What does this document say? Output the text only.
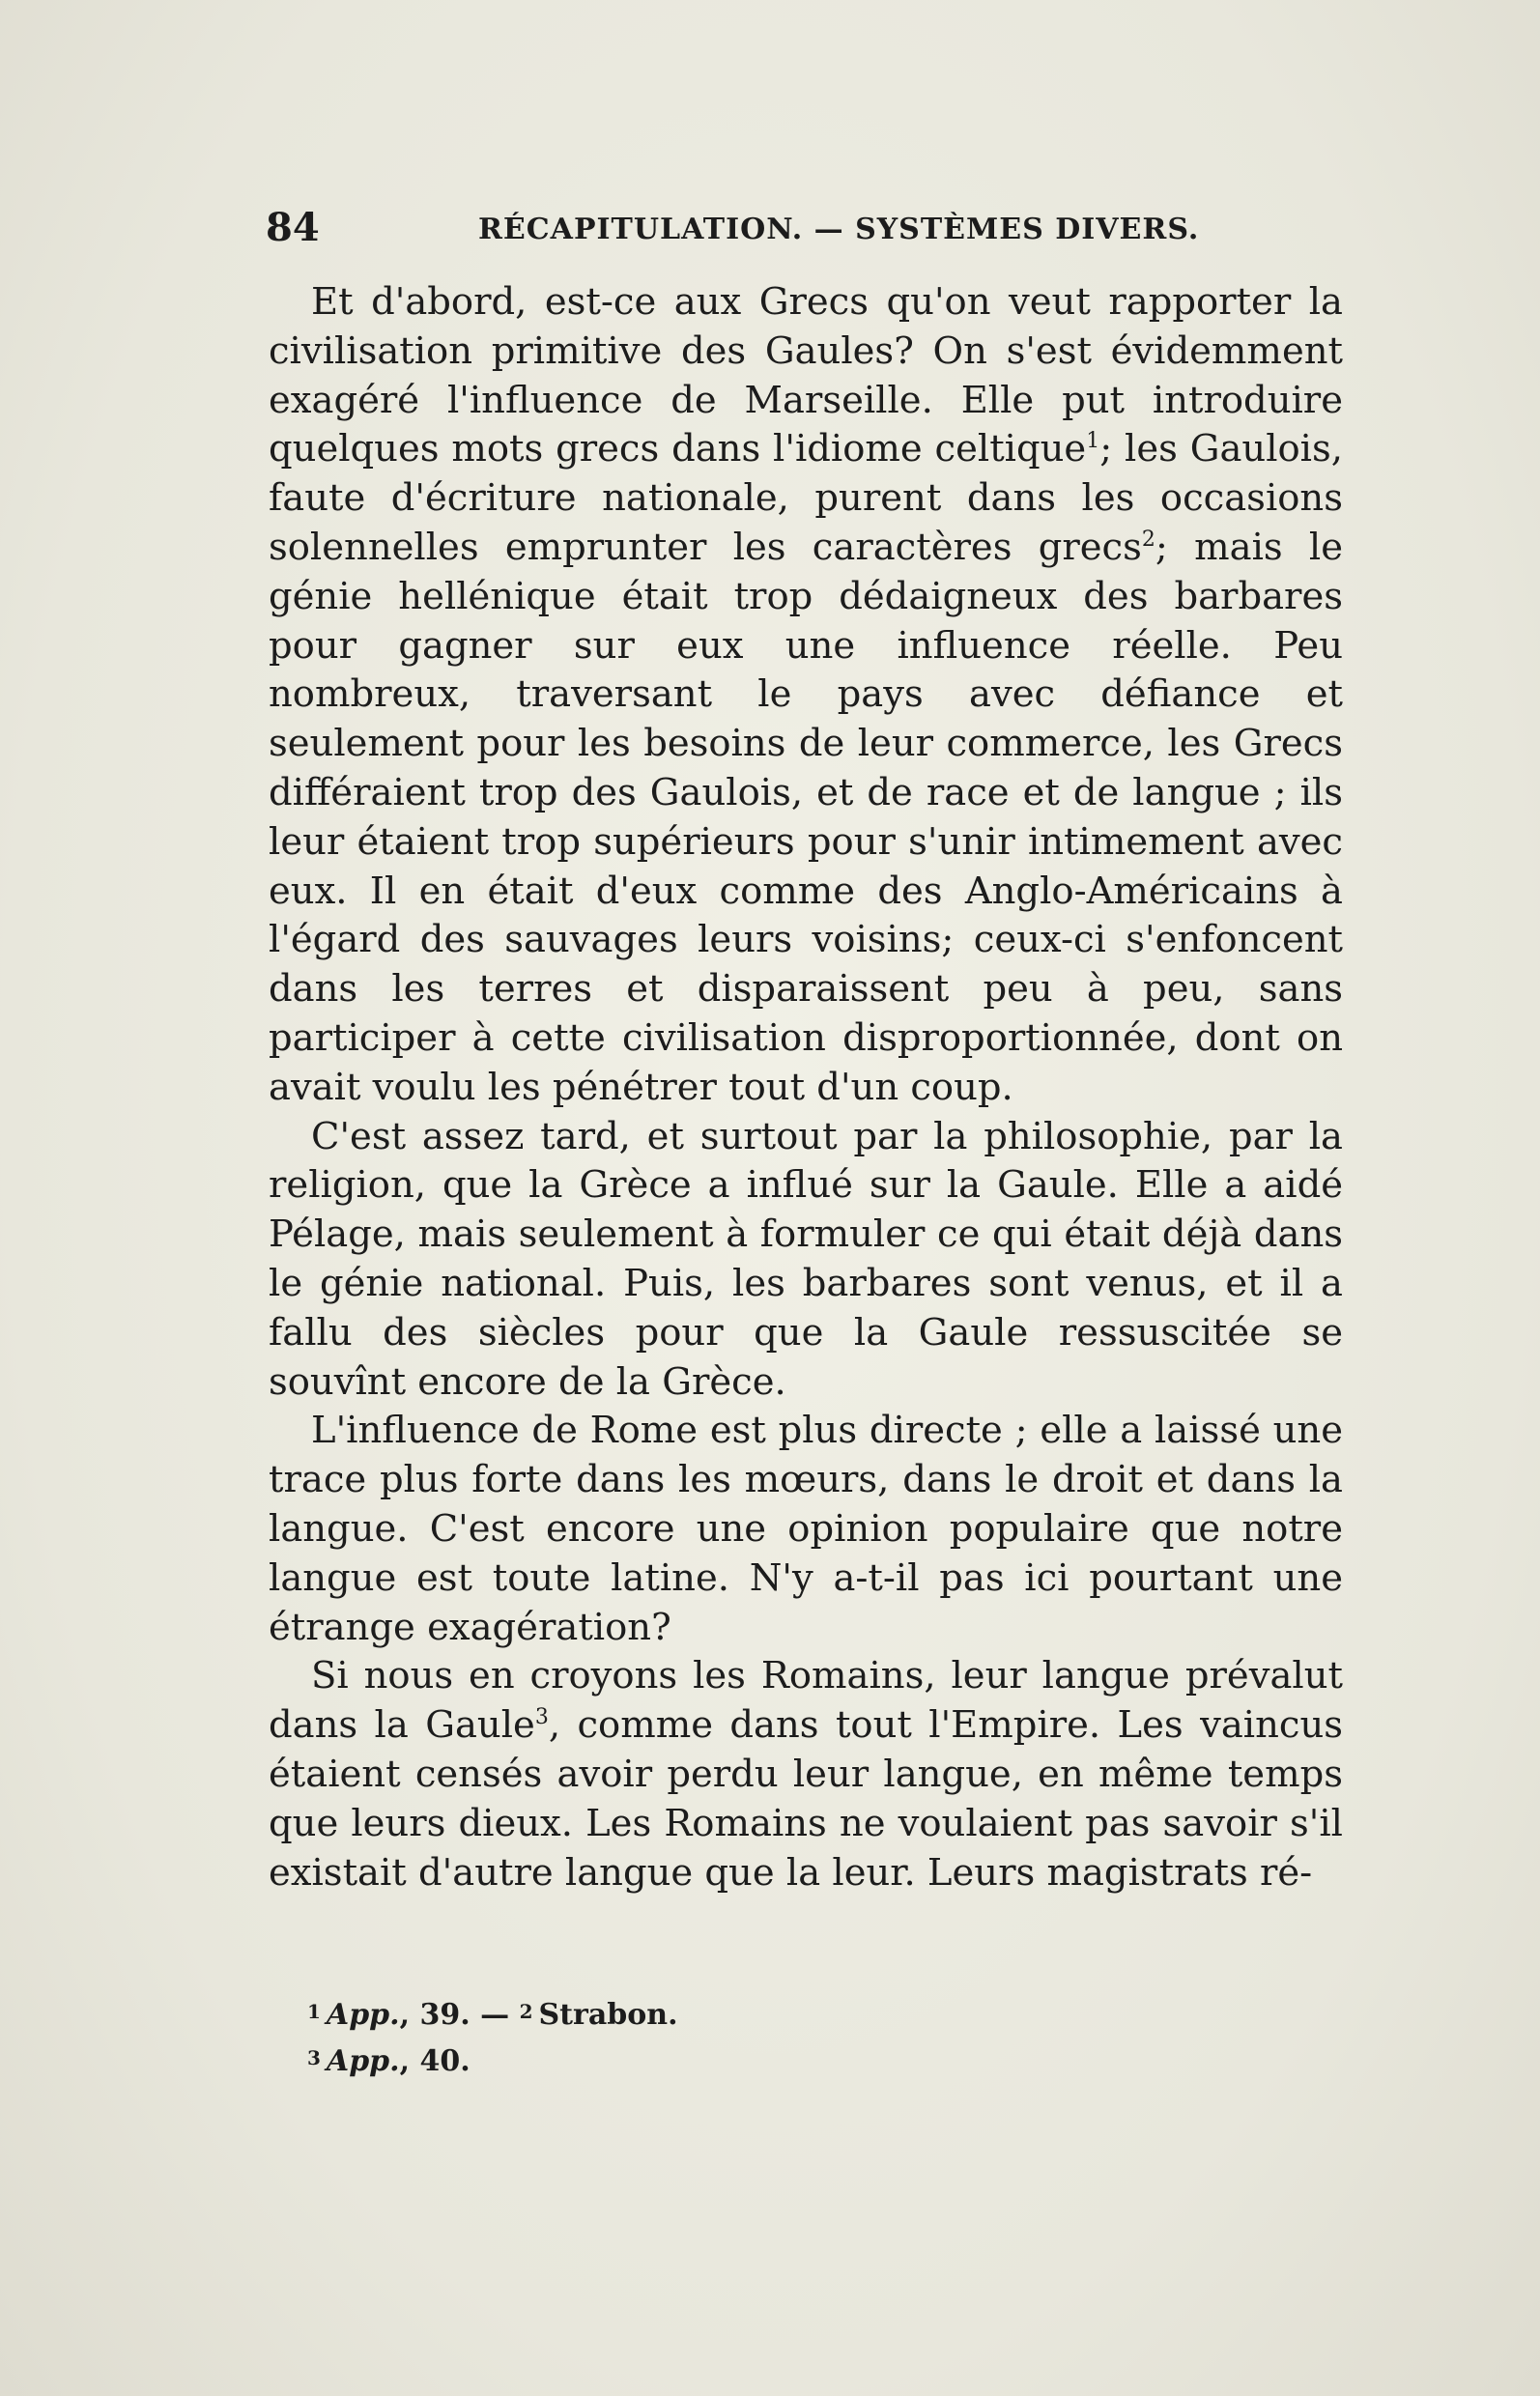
84	RÉCAPITULATION. — SYSTÈMES DIVERS.

Et d'abord, est-ce aux Grecs qu'on veut rapporter la civilisation primitive des Gaules? On s'est évidemment exagéré l'influence de Marseille. Elle put introduire quelques mots grecs dans l'idiome celtique$^1$; les Gaulois, faute d'écriture nationale, purent dans les occasions solennelles emprunter les caractères grecs$^2$; mais le génie hellénique était trop dédaigneux des barbares pour gagner sur eux une influence réelle. Peu nombreux, traversant le pays avec défiance et seulement pour les besoins de leur commerce, les Grecs différaient trop des Gaulois, et de race et de langue ; ils leur étaient trop supérieurs pour s'unir intimement avec eux. Il en était d'eux comme des Anglo-Américains à l'égard des sauvages leurs voisins; ceux-ci s'enfoncent dans les terres et disparaissent peu à peu, sans participer à cette civilisation disproportionnée, dont on avait voulu les pénétrer tout d'un coup.

C'est assez tard, et surtout par la philosophie, par la religion, que la Grèce a influé sur la Gaule. Elle a aidé Pélage, mais seulement à formuler ce qui était déjà dans le génie national. Puis, les barbares sont venus, et il a fallu des siècles pour que la Gaule ressuscitée se souvînt encore de la Grèce.

L'influence de Rome est plus directe ; elle a laissé une trace plus forte dans les mœurs, dans le droit et dans la langue. C'est encore une opinion populaire que notre langue est toute latine. N'y a-t-il pas ici pourtant une étrange exagération?

Si nous en croyons les Romains, leur langue prévalut dans la Gaule$^3$, comme dans tout l'Empire. Les vaincus étaient censés avoir perdu leur langue, en même temps que leurs dieux. Les Romains ne voulaient pas savoir s'il existait d'autre langue que la leur. Leurs magistrats ré-

$^1$ App., 39. — $^2$ Strabon.
$^3$ App., 40.
